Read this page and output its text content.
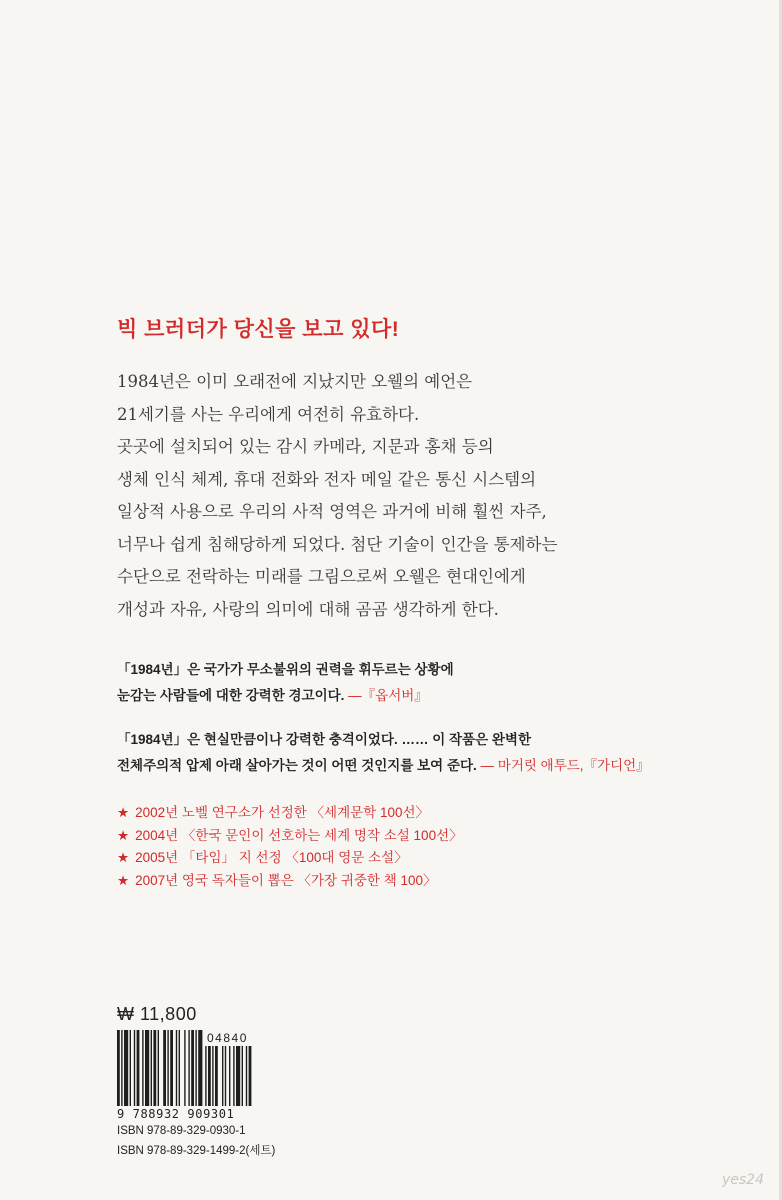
빅 브러더가 당신을 보고 있다!
1984년은 이미 오래전에 지났지만 오웰의 예언은
21세기를 사는 우리에게 여전히 유효하다.
곳곳에 설치되어 있는 감시 카메라, 지문과 홍채 등의
생체 인식 체계, 휴대 전화와 전자 메일 같은 통신 시스템의
일상적 사용으로 우리의 사적 영역은 과거에 비해 훨씬 자주,
너무나 쉽게 침해당하게 되었다. 첨단 기술이 인간을 통제하는
수단으로 전락하는 미래를 그림으로써 오웰은 현대인에게
개성과 자유, 사랑의 의미에 대해 곰곰 생각하게 한다.
「1984년」은 국가가 무소불위의 권력을 휘두르는 상황에
눈감는 사람들에 대한 강력한 경고이다. —『옵서버』
「1984년」은 현실만큼이나 강력한 충격이었다. …… 이 작품은 완벽한
전체주의적 압제 아래 살아가는 것이 어떤 것인지를 보여 준다. — 마거릿 애투드,『가디언』
★ 2002년 노벨 연구소가 선정한 〈세계문학 100선〉
★ 2004년 〈한국 문인이 선호하는 세계 명작 소설 100선〉
★ 2005년 「타임」 지 선정 〈100대 영문 소설〉
★ 2007년 영국 독자들이 뽑은 〈가장 귀중한 책 100〉

₩ 11,800

04840
9 788932 909301
ISBN 978-89-329-0930-1
ISBN 978-89-329-1499-2(세트)
yes24
